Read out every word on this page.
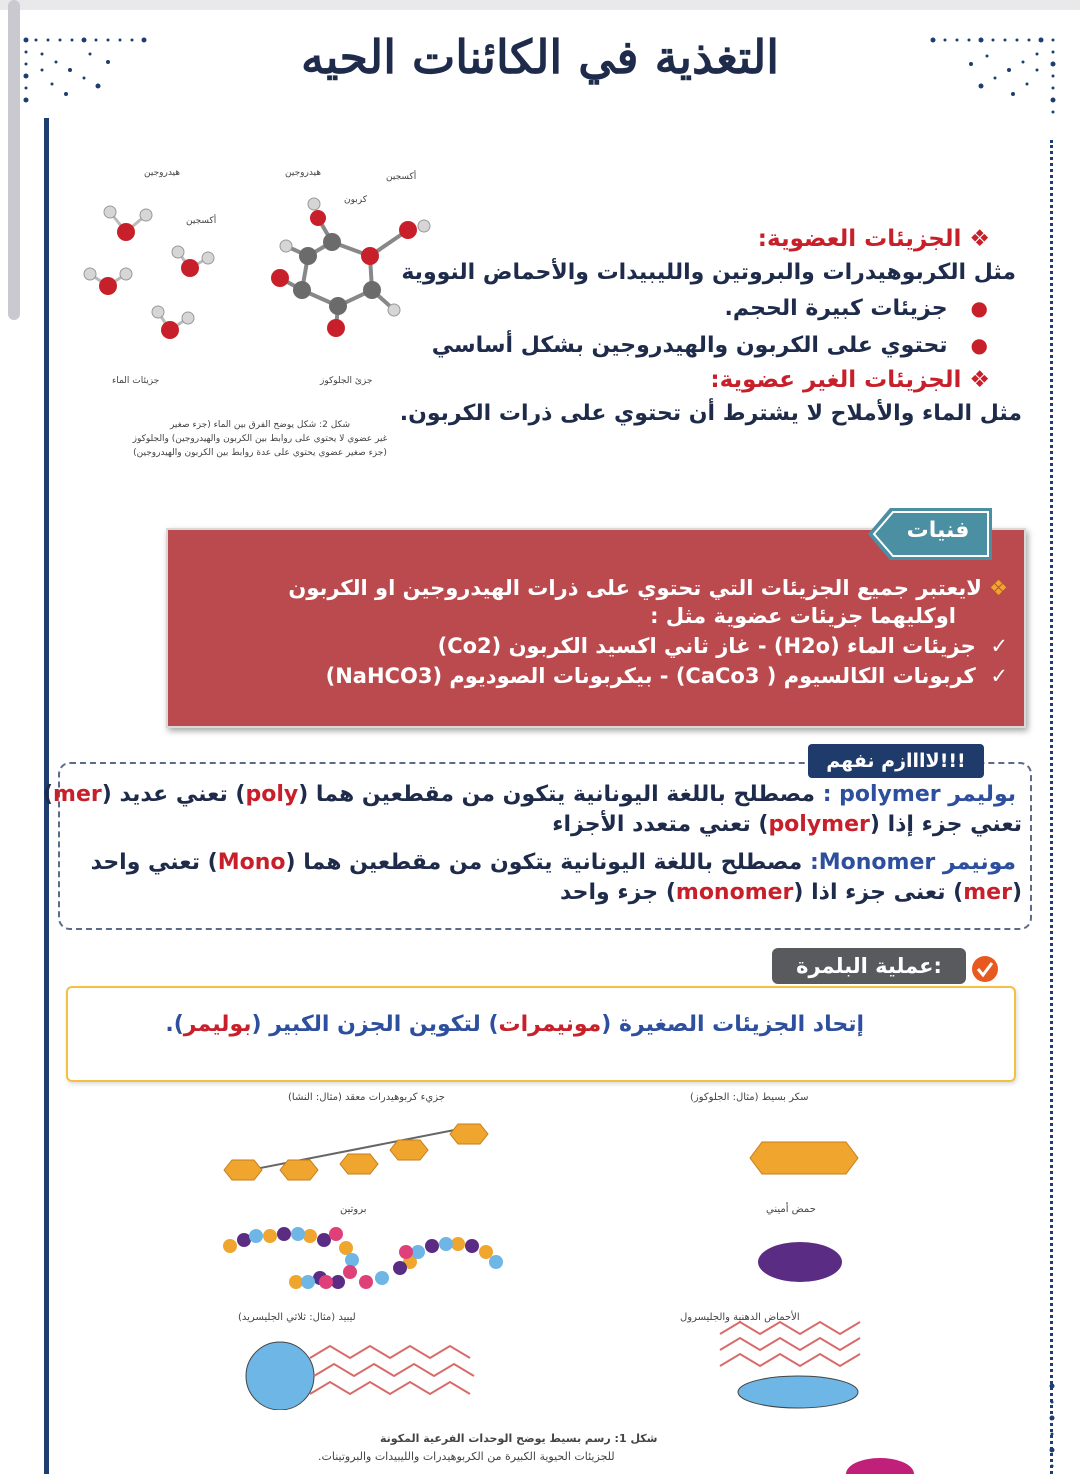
التغذية في الكائنات الحيه
❖ الجزيئات العضوية:
مثل الكربوهيدرات والبروتين والليبيدات والأحماض النووية
●   جزيئات كبيرة الحجم.
●   تحتوي على الكربون والهيدروجين بشكل أساسي
❖ الجزيئات الغير عضوية:
مثل الماء والأملاح لا يشترط أن تحتوي على ذرات الكربون.
هيدروجين
أكسجين
هيدروجين
كربون
أكسجين
جزيئات الماء	جزئ الجلوكوز
شكل 2: شكل يوضح الفرق بين الماء (جزء صغير
غير عضوي لا يحتوي على روابط بين الكربون والهيدروجين) والجلوكوز
(جزء صغير عضوي يحتوي على عدة روابط بين الكربون والهيدروجين)
فنيات
❖ لايعتبر جميع الجزيئات التي تحتوي على ذرات الهيدروجين او الكربون
اوكليهما جزيئات عضوية مثل :
✓  جزيئات الماء (H2o) - غاز ثاني اكسيد الكربون (Co2)
✓  كربونات الكالسيوم ( CaCo3) - بيكربونات الصوديوم (NaHCO3)
لاااازم نفهم!!!
بوليمر polymer : مصطلح باللغة اليونانية يتكون من مقطعين هما (poly) تعني عديد (mer)
تعني جزء إذا (polymer) تعني متعدد الأجزاء
مونيمر Monomer: مصطلح باللغة اليونانية يتكون من مقطعين هما (Mono) تعني واحد
(mer) تعنى جزء اذا (monomer) جزء واحد
عملية البلمرة:
إتحاد الجزيئات الصغيرة (مونيمرات) لتكوين الجزن الكبير (بوليمر).
سكر بسيط (مثال: الجلوكوز)
جزيء كربوهيدرات معقد (مثال: النشا)
حمض أميني
بروتين
الأحماض الدهنية والجليسرول
ليبيد (مثال: ثلاثي الجليسريد)
شكل 1: رسم بسيط يوضح الوحدات الفرعية المكونة
للجزيئات الحيوية الكبيرة من الكربوهيدرات والليبيدات والبروتينات.
